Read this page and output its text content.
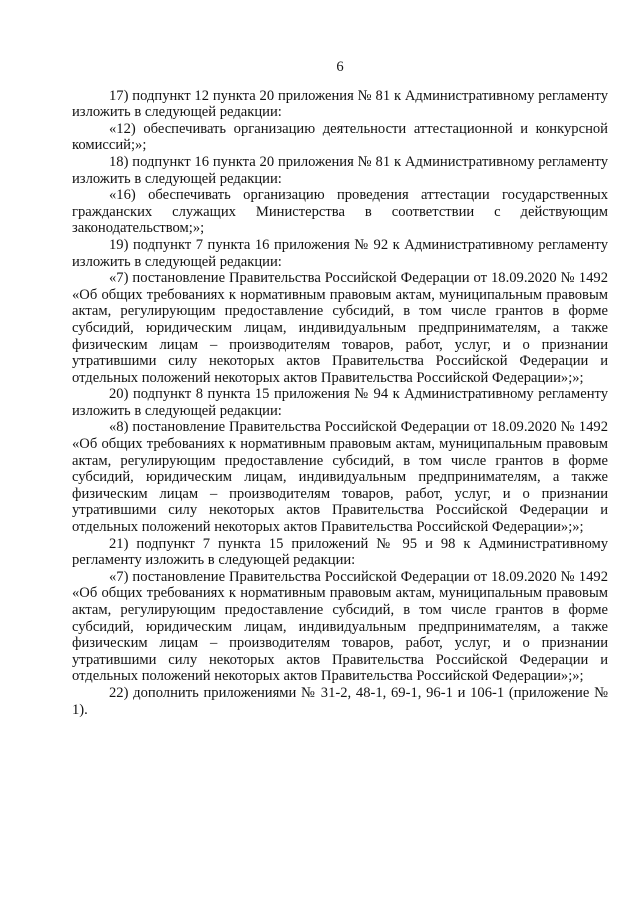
6

17) подпункт 12 пункта 20 приложения № 81 к Административному регламенту изложить в следующей редакции:

«12) обеспечивать организацию деятельности аттестационной и конкурсной комиссий;»;

18) подпункт 16 пункта 20 приложения № 81 к Административному регламенту изложить в следующей редакции:

«16) обеспечивать организацию проведения аттестации государственных гражданских служащих Министерства в соответствии с действующим законодательством;»;

19) подпункт 7 пункта 16 приложения № 92 к Административному регламенту изложить в следующей редакции:

«7) постановление Правительства Российской Федерации от 18.09.2020 № 1492 «Об общих требованиях к нормативным правовым актам, муниципальным правовым актам, регулирующим предоставление субсидий, в том числе грантов в форме субсидий, юридическим лицам, индивидуальным предпринимателям, а также физическим лицам – производителям товаров, работ, услуг, и о признании утратившими силу некоторых актов Правительства Российской Федерации и отдельных положений некоторых актов Правительства Российской Федерации»;»;

20) подпункт 8 пункта 15 приложения № 94 к Административному регламенту изложить в следующей редакции:

«8) постановление Правительства Российской Федерации от 18.09.2020 № 1492 «Об общих требованиях к нормативным правовым актам, муниципальным правовым актам, регулирующим предоставление субсидий, в том числе грантов в форме субсидий, юридическим лицам, индивидуальным предпринимателям, а также физическим лицам – производителям товаров, работ, услуг, и о признании утратившими силу некоторых актов Правительства Российской Федерации и отдельных положений некоторых актов Правительства Российской Федерации»;»;

21) подпункт 7 пункта 15 приложений № 95 и 98 к Административному регламенту изложить в следующей редакции:

«7) постановление Правительства Российской Федерации от 18.09.2020 № 1492 «Об общих требованиях к нормативным правовым актам, муниципальным правовым актам, регулирующим предоставление субсидий, в том числе грантов в форме субсидий, юридическим лицам, индивидуальным предпринимателям, а также физическим лицам – производителям товаров, работ, услуг, и о признании утратившими силу некоторых актов Правительства Российской Федерации и отдельных положений некоторых актов Правительства Российской Федерации»;»;

22) дополнить приложениями № 31-2, 48-1, 69-1, 96-1 и 106-1 (приложение № 1).
